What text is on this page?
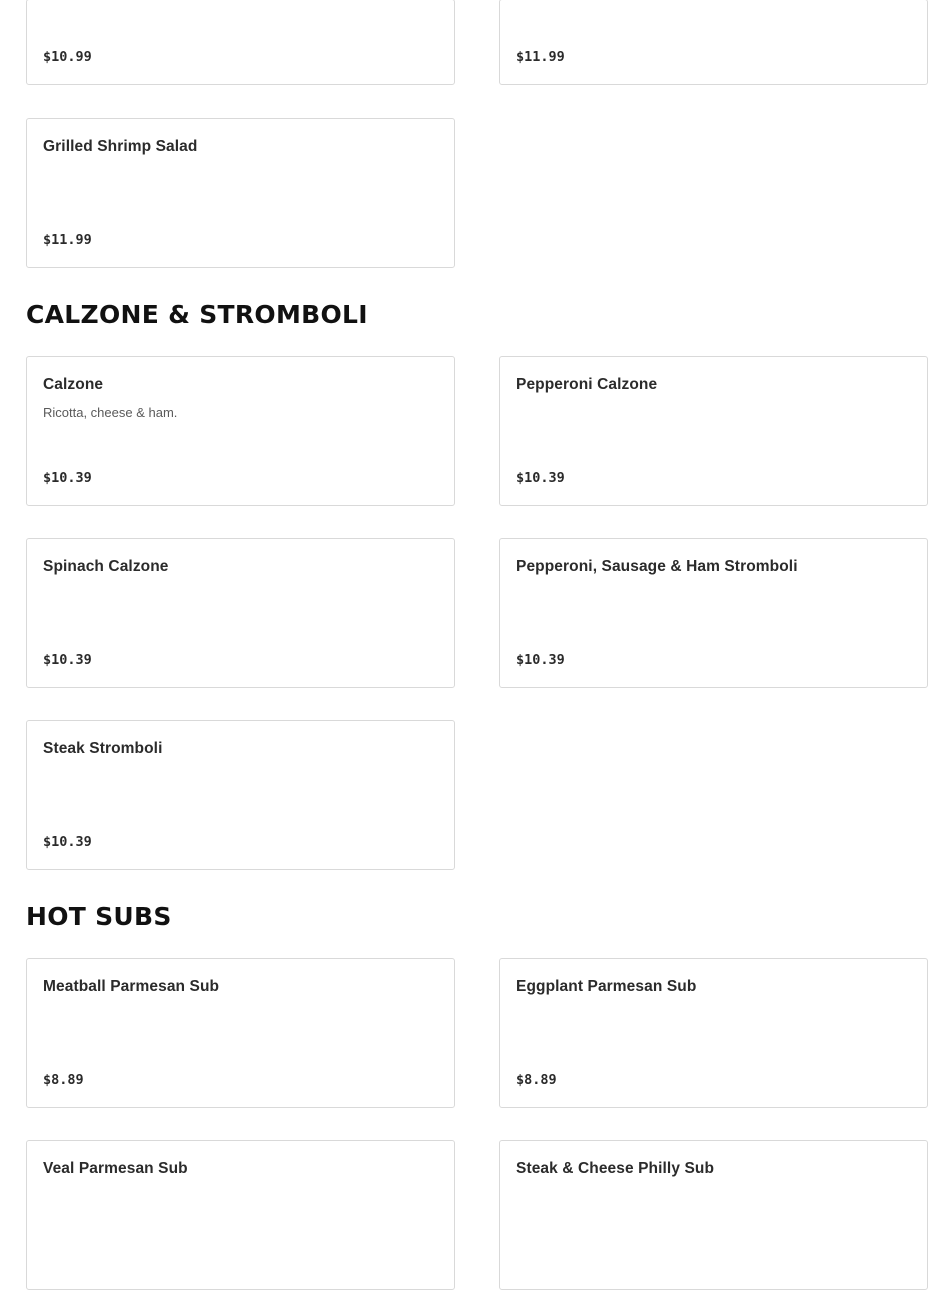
$10.99	$11.99
Grilled Shrimp Salad
$11.99
CALZONE & STROMBOLI
Calzone
Ricotta, cheese & ham.
$10.39
Pepperoni Calzone
$10.39
Spinach Calzone
$10.39
Pepperoni, Sausage & Ham Stromboli
$10.39
Steak Stromboli
$10.39
HOT SUBS
Meatball Parmesan Sub
$8.89
Eggplant Parmesan Sub
$8.89
Veal Parmesan Sub	Steak & Cheese Philly Sub
